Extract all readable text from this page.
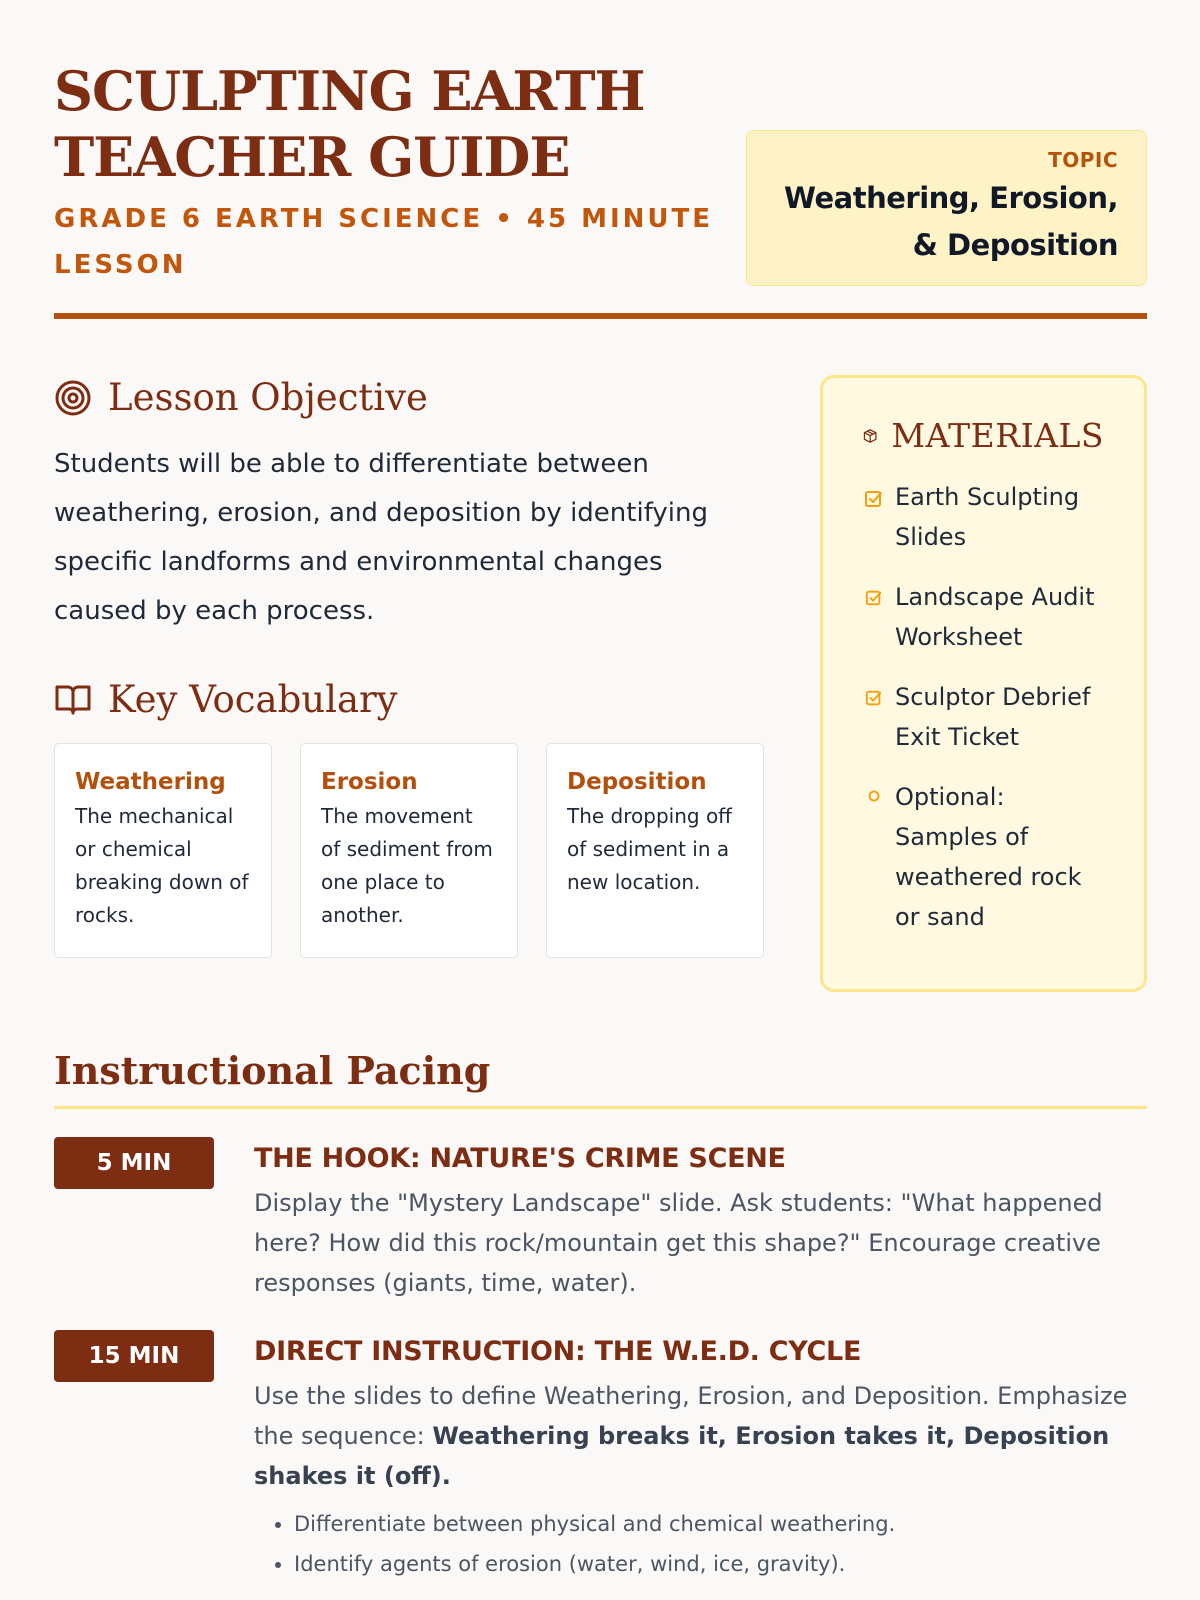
SCULPTING EARTH
TEACHER GUIDE
GRADE 6 EARTH SCIENCE • 45 MINUTE LESSON
TOPIC
Weathering, Erosion,
& Deposition
Lesson Objective

Students will be able to differentiate between weathering, erosion, and deposition by identifying specific landforms and environmental changes caused by each process.

Key Vocabulary
Weathering
The mechanical or chemical breaking down of rocks.
Erosion
The movement of sediment from one place to another.
Deposition
The dropping off of sediment in a new location.
MATERIALS
Earth Sculpting Slides
Landscape Audit Worksheet
Sculptor Debrief Exit Ticket
Optional: Samples of weathered rock or sand
Instructional Pacing
5 MIN	THE HOOK: NATURE'S CRIME SCENE

Display the "Mystery Landscape" slide. Ask students: "What happened here? How did this rock/mountain get this shape?" Encourage creative responses (giants, time, water).

15 MIN	DIRECT INSTRUCTION: THE W.E.D. CYCLE

Use the slides to define Weathering, Erosion, and Deposition. Emphasize the sequence: Weathering breaks it, Erosion takes it, Deposition shakes it (off).

• Differentiate between physical and chemical weathering.
• Identify agents of erosion (water, wind, ice, gravity).
